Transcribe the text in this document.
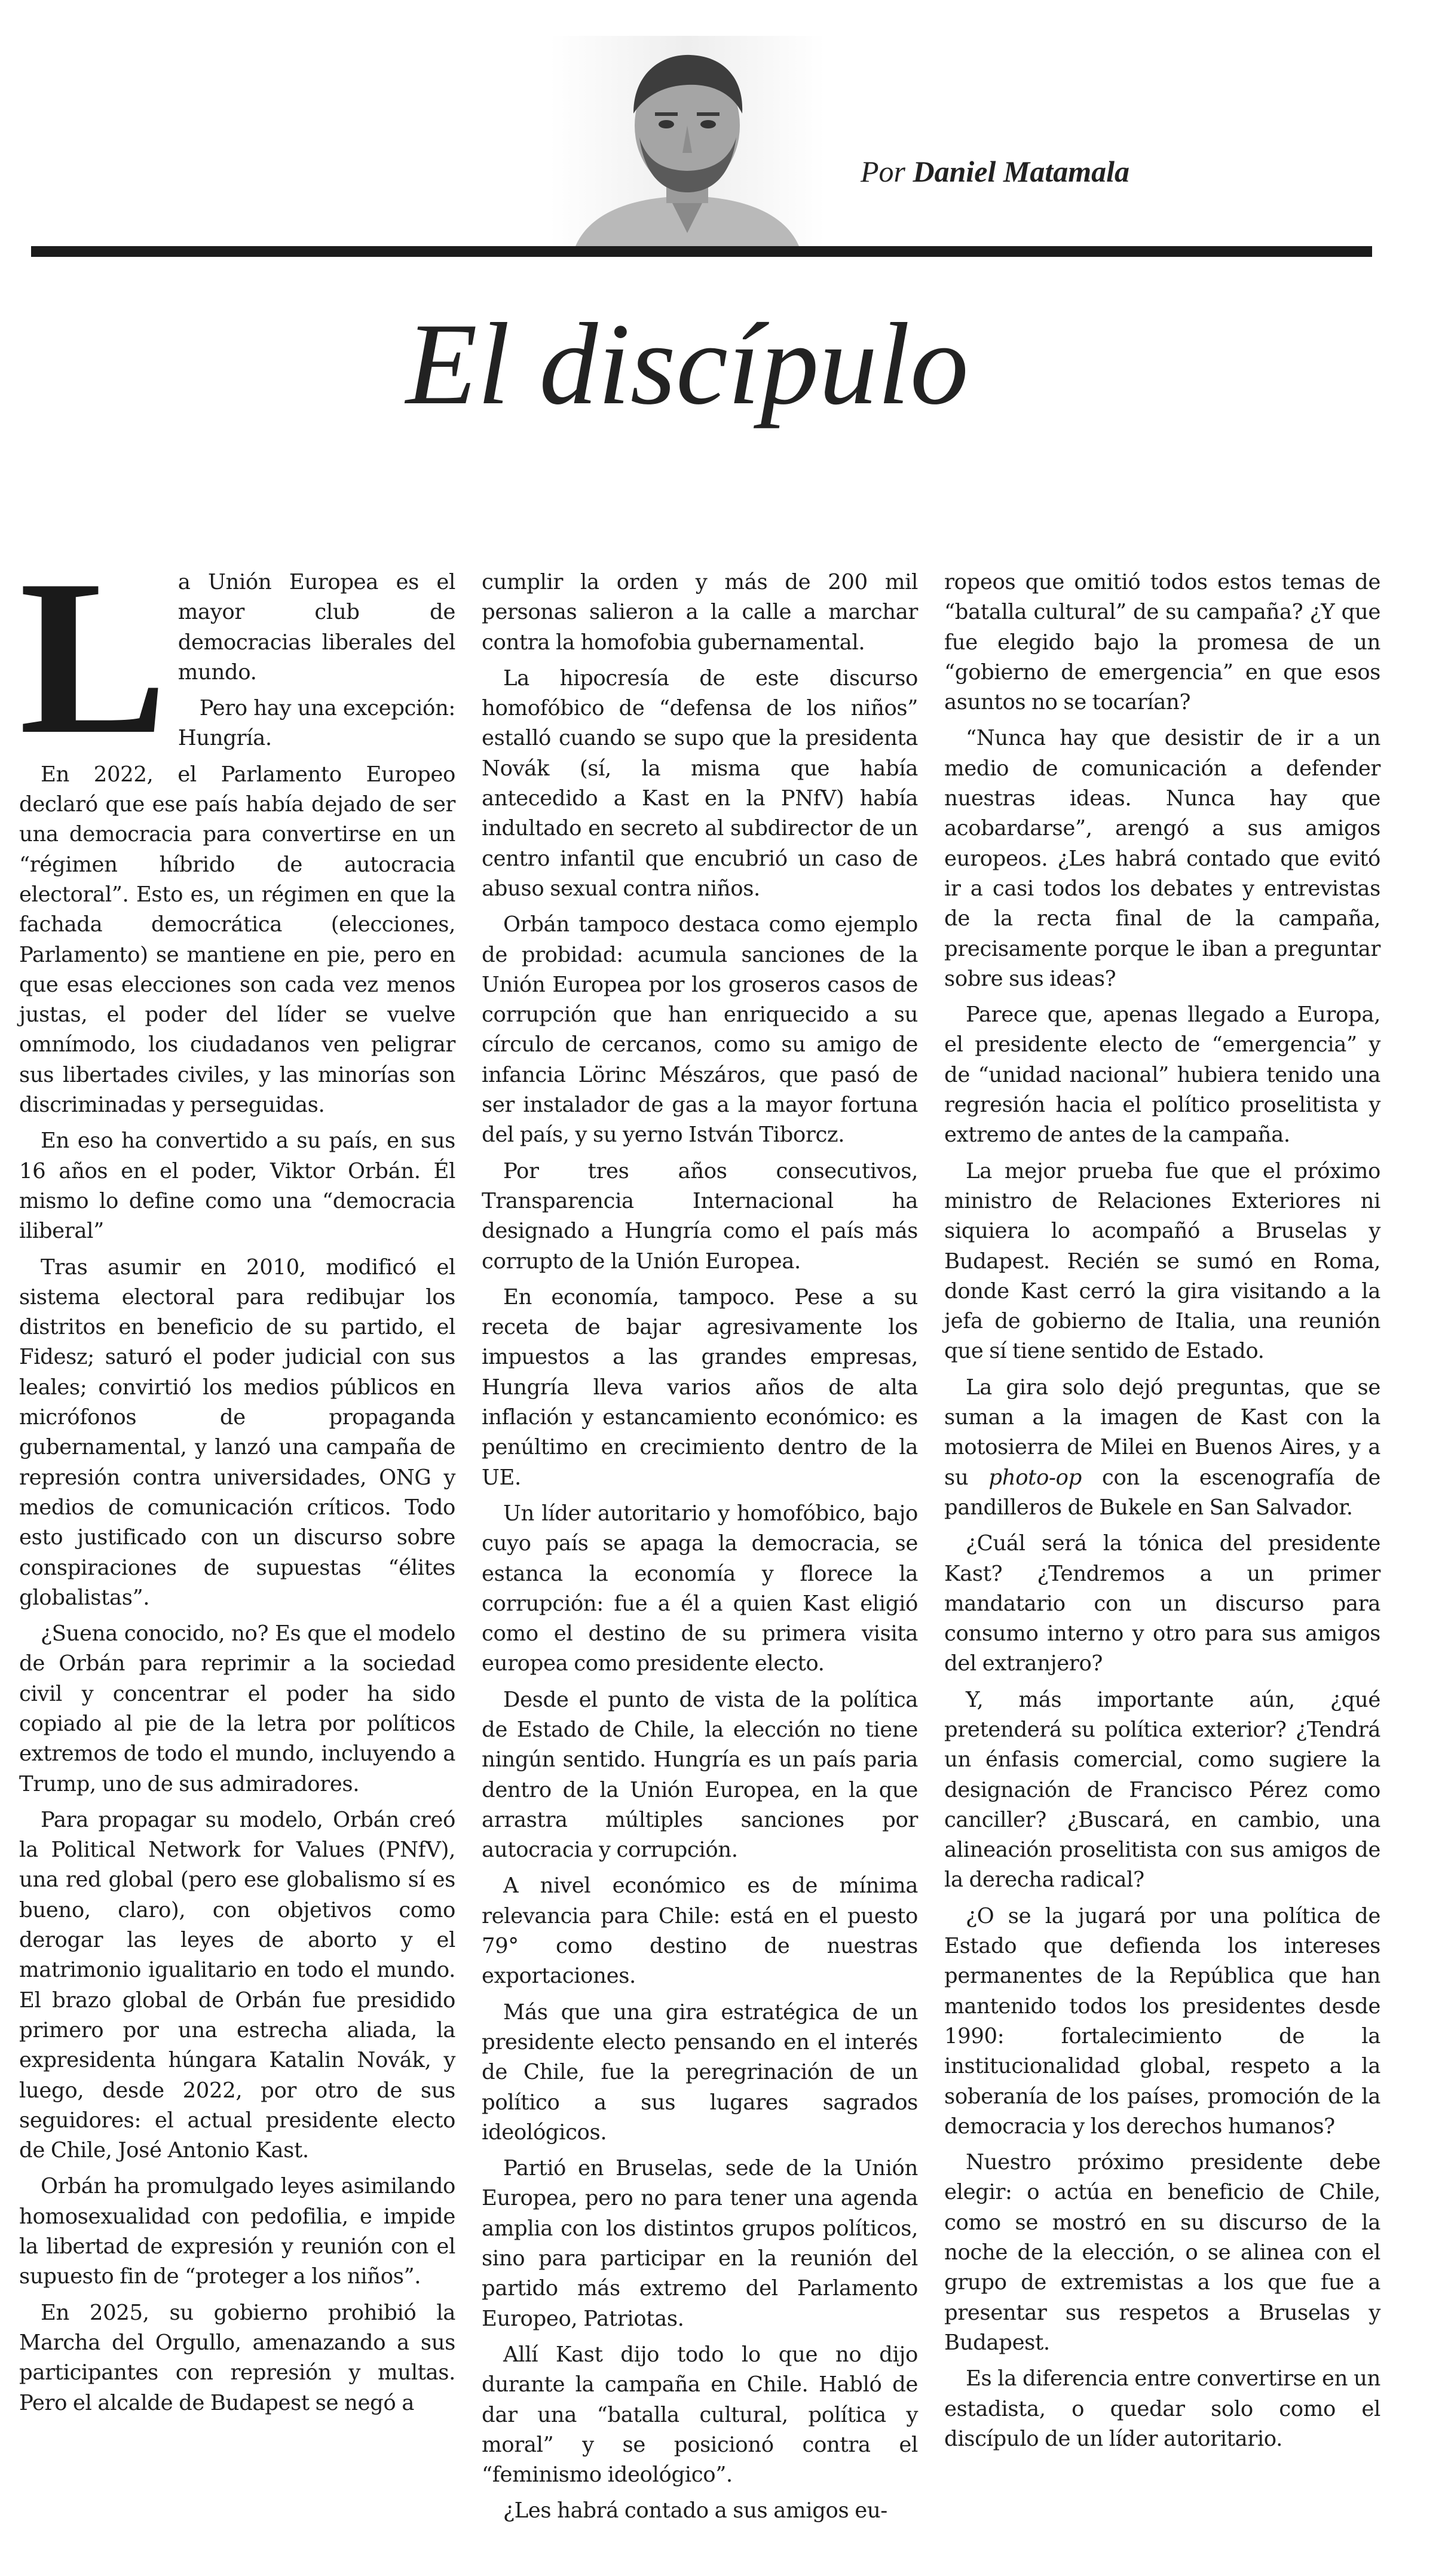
Por Daniel Matamala
El discípulo

La Unión Europea es el mayor club de democracias liberales del mundo.

Pero hay una excepción: Hungría.

En 2022, el Parlamento Europeo declaró que ese país había dejado de ser una democracia para convertirse en un “régimen híbrido de autocracia electoral”. Esto es, un régimen en que la fachada democrática (elecciones, Parlamento) se mantiene en pie, pero en que esas elecciones son cada vez menos justas, el poder del líder se vuelve omnímodo, los ciudadanos ven peligrar sus libertades civiles, y las minorías son discriminadas y perseguidas.

En eso ha convertido a su país, en sus 16 años en el poder, Viktor Orbán. Él mismo lo define como una “democracia iliberal”

Tras asumir en 2010, modificó el sistema electoral para redibujar los distritos en beneficio de su partido, el Fidesz; saturó el poder judicial con sus leales; convirtió los medios públicos en micrófonos de propaganda gubernamental, y lanzó una campaña de represión contra universidades, ONG y medios de comunicación críticos. Todo esto justificado con un discurso sobre conspiraciones de supuestas “élites globalistas”.

¿Suena conocido, no? Es que el modelo de Orbán para reprimir a la sociedad civil y concentrar el poder ha sido copiado al pie de la letra por políticos extremos de todo el mundo, incluyendo a Trump, uno de sus admiradores.

Para propagar su modelo, Orbán creó la Political Network for Values (PNfV), una red global (pero ese globalismo sí es bueno, claro), con objetivos como derogar las leyes de aborto y el matrimonio igualitario en todo el mundo. El brazo global de Orbán fue presidido primero por una estrecha aliada, la expresidenta húngara Katalin Novák, y luego, desde 2022, por otro de sus seguidores: el actual presidente electo de Chile, José Antonio Kast.

Orbán ha promulgado leyes asimilando homosexualidad con pedofilia, e impide la libertad de expresión y reunión con el supuesto fin de “proteger a los niños”.

En 2025, su gobierno prohibió la Marcha del Orgullo, amenazando a sus participantes con represión y multas. Pero el alcalde de Budapest se negó a

cumplir la orden y más de 200 mil personas salieron a la calle a marchar contra la homofobia gubernamental.

La hipocresía de este discurso homofóbico de “defensa de los niños” estalló cuando se supo que la presidenta Novák (sí, la misma que había antecedido a Kast en la PNfV) había indultado en secreto al subdirector de un centro infantil que encubrió un caso de abuso sexual contra niños.

Orbán tampoco destaca como ejemplo de probidad: acumula sanciones de la Unión Europea por los groseros casos de corrupción que han enriquecido a su círculo de cercanos, como su amigo de infancia Lörinc Mészáros, que pasó de ser instalador de gas a la mayor fortuna del país, y su yerno István Tiborcz.

Por tres años consecutivos, Transparencia Internacional ha designado a Hungría como el país más corrupto de la Unión Europea.

En economía, tampoco. Pese a su receta de bajar agresivamente los impuestos a las grandes empresas, Hungría lleva varios años de alta inflación y estancamiento económico: es penúltimo en crecimiento dentro de la UE.

Un líder autoritario y homofóbico, bajo cuyo país se apaga la democracia, se estanca la economía y florece la corrupción: fue a él a quien Kast eligió como el destino de su primera visita europea como presidente electo.

Desde el punto de vista de la política de Estado de Chile, la elección no tiene ningún sentido. Hungría es un país paria dentro de la Unión Europea, en la que arrastra múltiples sanciones por autocracia y corrupción.

A nivel económico es de mínima relevancia para Chile: está en el puesto 79° como destino de nuestras exportaciones.

Más que una gira estratégica de un presidente electo pensando en el interés de Chile, fue la peregrinación de un político a sus lugares sagrados ideológicos.

Partió en Bruselas, sede de la Unión Europea, pero no para tener una agenda amplia con los distintos grupos políticos, sino para participar en la reunión del partido más extremo del Parlamento Europeo, Patriotas.

Allí Kast dijo todo lo que no dijo durante la campaña en Chile. Habló de dar una “batalla cultural, política y moral” y se posicionó contra el “feminismo ideológico”.

¿Les habrá contado a sus amigos eu-

ropeos que omitió todos estos temas de “batalla cultural” de su campaña? ¿Y que fue elegido bajo la promesa de un “gobierno de emergencia” en que esos asuntos no se tocarían?

“Nunca hay que desistir de ir a un medio de comunicación a defender nuestras ideas. Nunca hay que acobardarse”, arengó a sus amigos europeos. ¿Les habrá contado que evitó ir a casi todos los debates y entrevistas de la recta final de la campaña, precisamente porque le iban a preguntar sobre sus ideas?

Parece que, apenas llegado a Europa, el presidente electo de “emergencia” y de “unidad nacional” hubiera tenido una regresión hacia el político proselitista y extremo de antes de la campaña.

La mejor prueba fue que el próximo ministro de Relaciones Exteriores ni siquiera lo acompañó a Bruselas y Budapest. Recién se sumó en Roma, donde Kast cerró la gira visitando a la jefa de gobierno de Italia, una reunión que sí tiene sentido de Estado.

La gira solo dejó preguntas, que se suman a la imagen de Kast con la motosierra de Milei en Buenos Aires, y a su photo-op con la escenografía de pandilleros de Bukele en San Salvador.

¿Cuál será la tónica del presidente Kast? ¿Tendremos a un primer mandatario con un discurso para consumo interno y otro para sus amigos del extranjero?

Y, más importante aún, ¿qué pretenderá su política exterior? ¿Tendrá un énfasis comercial, como sugiere la designación de Francisco Pérez como canciller? ¿Buscará, en cambio, una alineación proselitista con sus amigos de la derecha radical?

¿O se la jugará por una política de Estado que defienda los intereses permanentes de la República que han mantenido todos los presidentes desde 1990: fortalecimiento de la institucionalidad global, respeto a la soberanía de los países, promoción de la democracia y los derechos humanos?

Nuestro próximo presidente debe elegir: o actúa en beneficio de Chile, como se mostró en su discurso de la noche de la elección, o se alinea con el grupo de extremistas a los que fue a presentar sus respetos a Bruselas y Budapest.

Es la diferencia entre convertirse en un estadista, o quedar solo como el discípulo de un líder autoritario.
